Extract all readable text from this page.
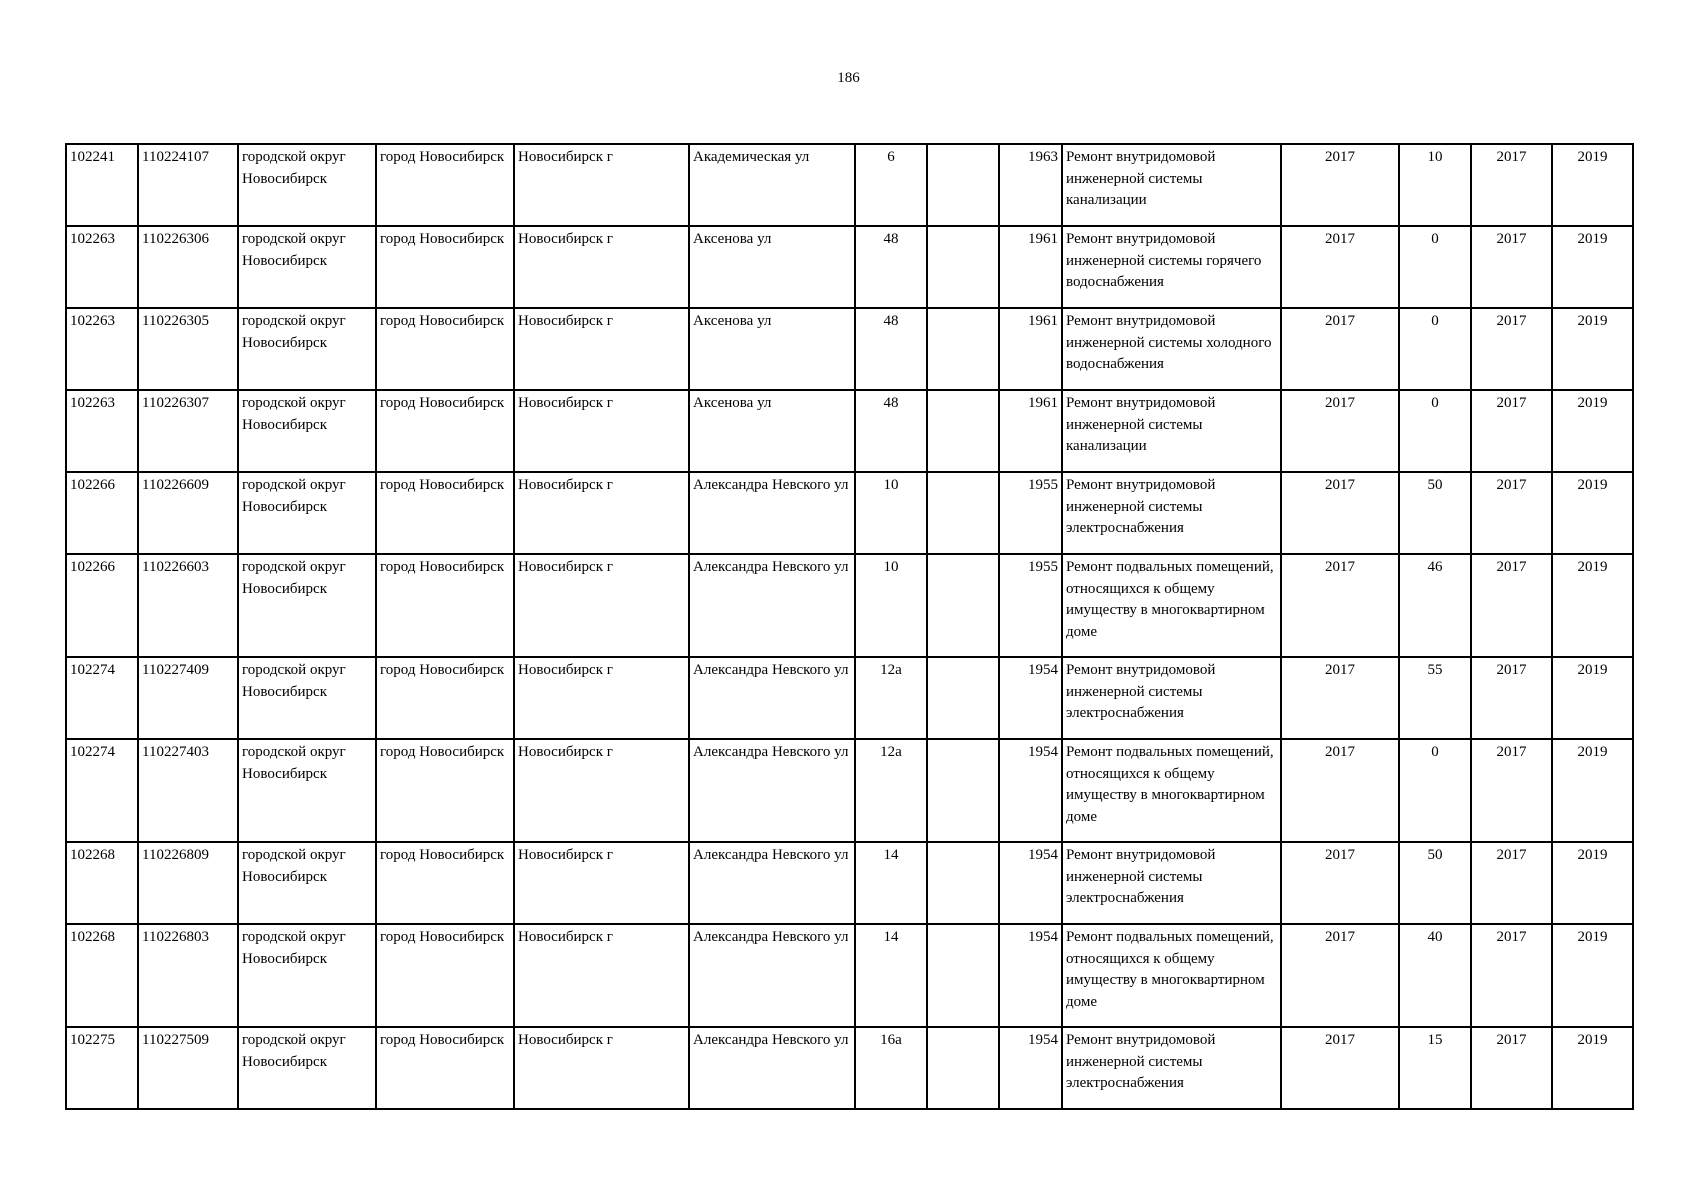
186
102241	110224107	городской округ Новосибирск	город Новосибирск	Новосибирск г	Академическая ул	6		1963	Ремонт внутридомовой инженерной системы канализации	2017	10	2017	2019
102263	110226306	городской округ Новосибирск	город Новосибирск	Новосибирск г	Аксенова ул	48		1961	Ремонт внутридомовой инженерной системы горячего водоснабжения	2017	0	2017	2019
102263	110226305	городской округ Новосибирск	город Новосибирск	Новосибирск г	Аксенова ул	48		1961	Ремонт внутридомовой инженерной системы холодного водоснабжения	2017	0	2017	2019
102263	110226307	городской округ Новосибирск	город Новосибирск	Новосибирск г	Аксенова ул	48		1961	Ремонт внутридомовой инженерной системы канализации	2017	0	2017	2019
102266	110226609	городской округ Новосибирск	город Новосибирск	Новосибирск г	Александра Невского ул	10		1955	Ремонт внутридомовой инженерной системы электроснабжения	2017	50	2017	2019
102266	110226603	городской округ Новосибирск	город Новосибирск	Новосибирск г	Александра Невского ул	10		1955	Ремонт подвальных помещений, относящихся к общему имуществу в многоквартирном доме	2017	46	2017	2019
102274	110227409	городской округ Новосибирск	город Новосибирск	Новосибирск г	Александра Невского ул	12а		1954	Ремонт внутридомовой инженерной системы электроснабжения	2017	55	2017	2019
102274	110227403	городской округ Новосибирск	город Новосибирск	Новосибирск г	Александра Невского ул	12а		1954	Ремонт подвальных помещений, относящихся к общему имуществу в многоквартирном доме	2017	0	2017	2019
102268	110226809	городской округ Новосибирск	город Новосибирск	Новосибирск г	Александра Невского ул	14		1954	Ремонт внутридомовой инженерной системы электроснабжения	2017	50	2017	2019
102268	110226803	городской округ Новосибирск	город Новосибирск	Новосибирск г	Александра Невского ул	14		1954	Ремонт подвальных помещений, относящихся к общему имуществу в многоквартирном доме	2017	40	2017	2019
102275	110227509	городской округ Новосибирск	город Новосибирск	Новосибирск г	Александра Невского ул	16а		1954	Ремонт внутридомовой инженерной системы электроснабжения	2017	15	2017	2019
